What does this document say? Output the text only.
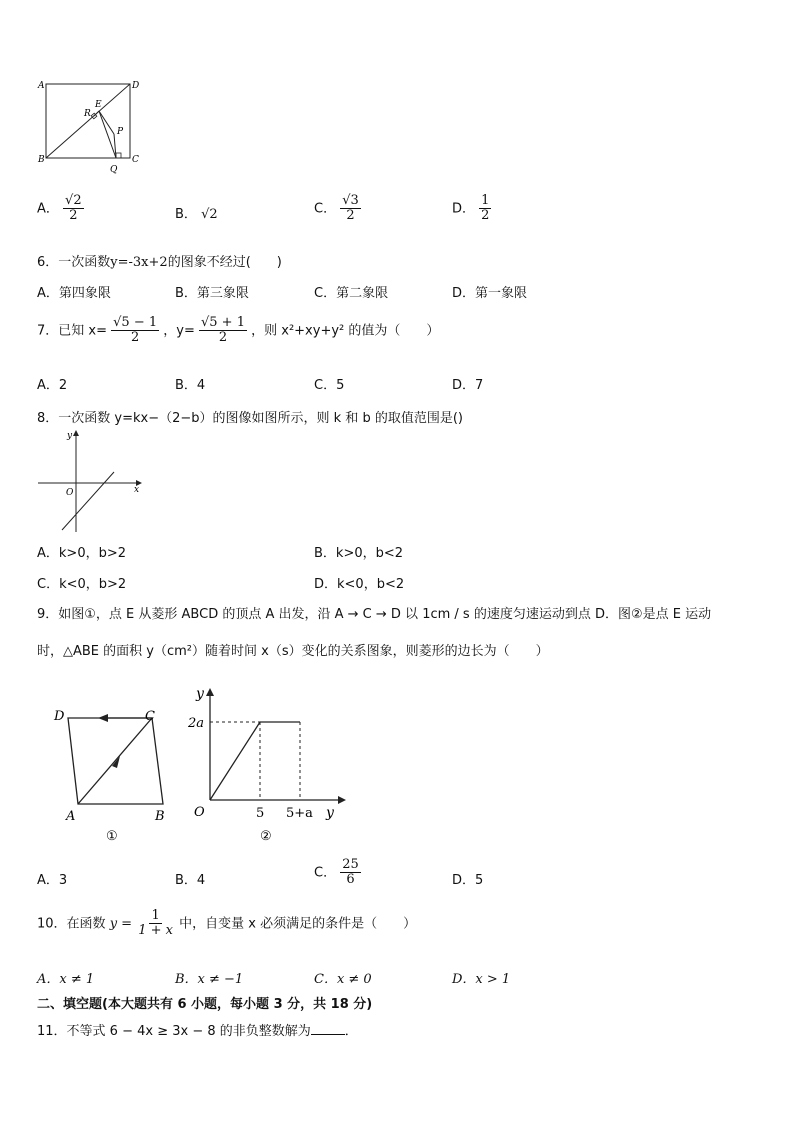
A	D
B	C
R
E
P
Q
A． $\frac{√2}{2}$	B． √2	C． $\frac{√3}{2}$	D． $\frac{1}{2}$
6．一次函数y=-3x+2的图象不经过(　　)
A．第四象限	B．第三象限	C．第二象限	D．第一象限
7．已知 $x= \frac{√5 - 1}{2}$ ，$y= \frac{√5 + 1}{2}$ ，则 x²+xy+y² 的值为（　　）
A．2	B．4	C．5	D．7
8．一次函数 y=kx−（2−b）的图像如图所示，则 k 和 b 的取值范围是()
y
x
O
A．k>0，b>2	B．k>0，b<2
C．k<0，b>2	D．k<0，b<2
9．如图①，点 E 从菱形 ABCD 的顶点 A 出发，沿 A → C → D 以 1cm / s 的速度匀速运动到点 D．图②是点 E 运动
时，△ABE 的面积 y（cm²）随着时间 x（s）变化的关系图象，则菱形的边长为（　　）
D	C
A	B
①
y
2a
O	5 5+a y
②
A．3	B．4
C． $\frac{25}{6}$	D．5
10．在函数 $y = \frac{1}{1 + x}$ 中，自变量 x 必须满足的条件是（　　）
A．x ≠ 1	B．x ≠ −1	C．x ≠ 0	D．x > 1
二、填空题(本大题共有 6 小题，每小题 3 分，共 18 分)
11．不等式 6 − 4x ≥ 3x − 8 的非负整数解为	．
